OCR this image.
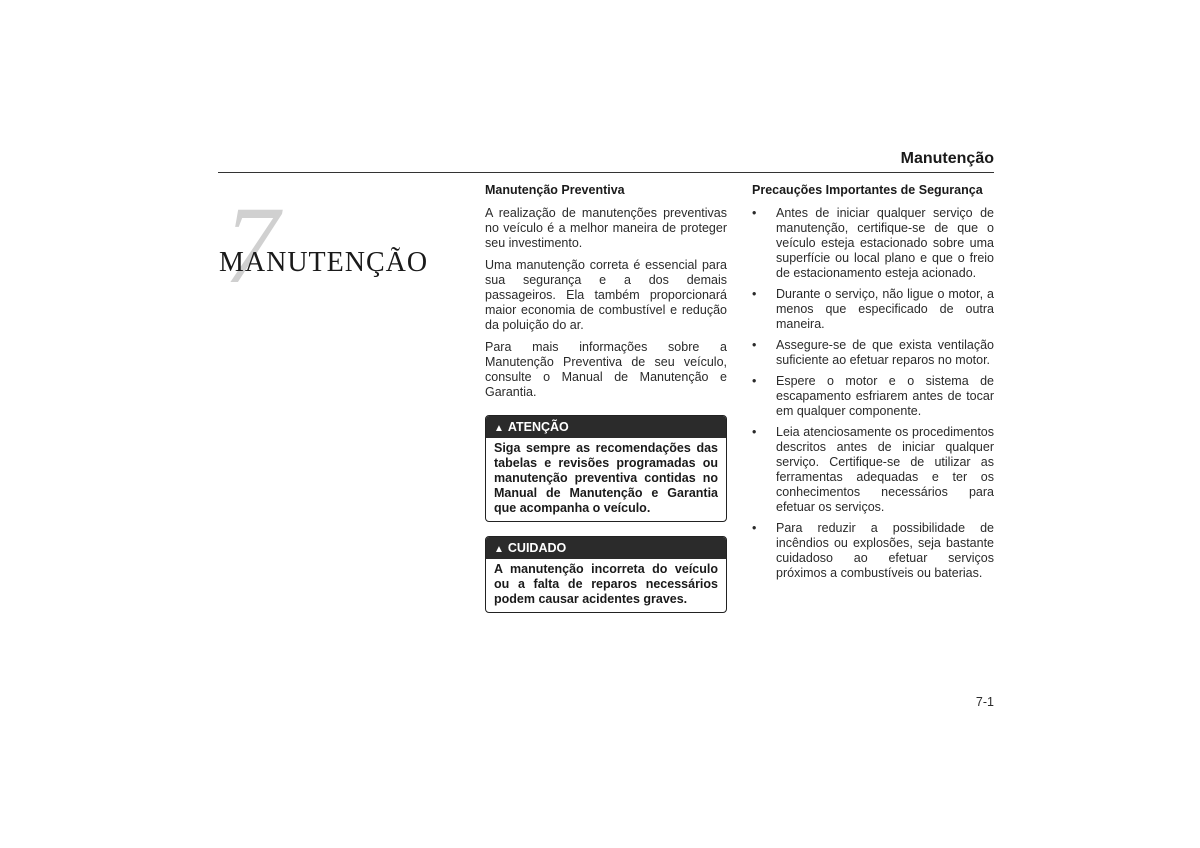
Manutenção
7
MANUTENÇÃO
Manutenção Preventiva

A realização de manutenções preventivas no veículo é a melhor maneira de proteger seu investimento.

Uma manutenção correta é essencial para sua segurança e a dos demais passageiros. Ela também proporcionará maior economia de combustível e redução da poluição do ar.

Para mais informações sobre a Manutenção Preventiva de seu veículo, consulte o Manual de Manutenção e Garantia.

▲ ATENÇÃO
Siga sempre as recomendações das tabelas e revisões programadas ou manutenção preventiva contidas no Manual de Manutenção e Garantia que acompanha o veículo.
▲ CUIDADO
A manutenção incorreta do veículo ou a falta de reparos necessários podem causar acidentes graves.
Precauções Importantes de Segurança
• Antes de iniciar qualquer serviço de manutenção, certifique-se de que o veículo esteja estacionado sobre uma superfície ou local plano e que o freio de estacionamento esteja acionado.
• Durante o serviço, não ligue o motor, a menos que especificado de outra maneira.
• Assegure-se de que exista ventilação suficiente ao efetuar reparos no motor.
• Espere o motor e o sistema de escapamento esfriarem antes de tocar em qualquer componente.
• Leia atenciosamente os procedimentos descritos antes de iniciar qualquer serviço. Certifique-se de utilizar as ferramentas adequadas e ter os conhecimentos necessários para efetuar os serviços.
• Para reduzir a possibilidade de incêndios ou explosões, seja bastante cuidadoso ao efetuar serviços próximos a combustíveis ou baterias.
7-1
